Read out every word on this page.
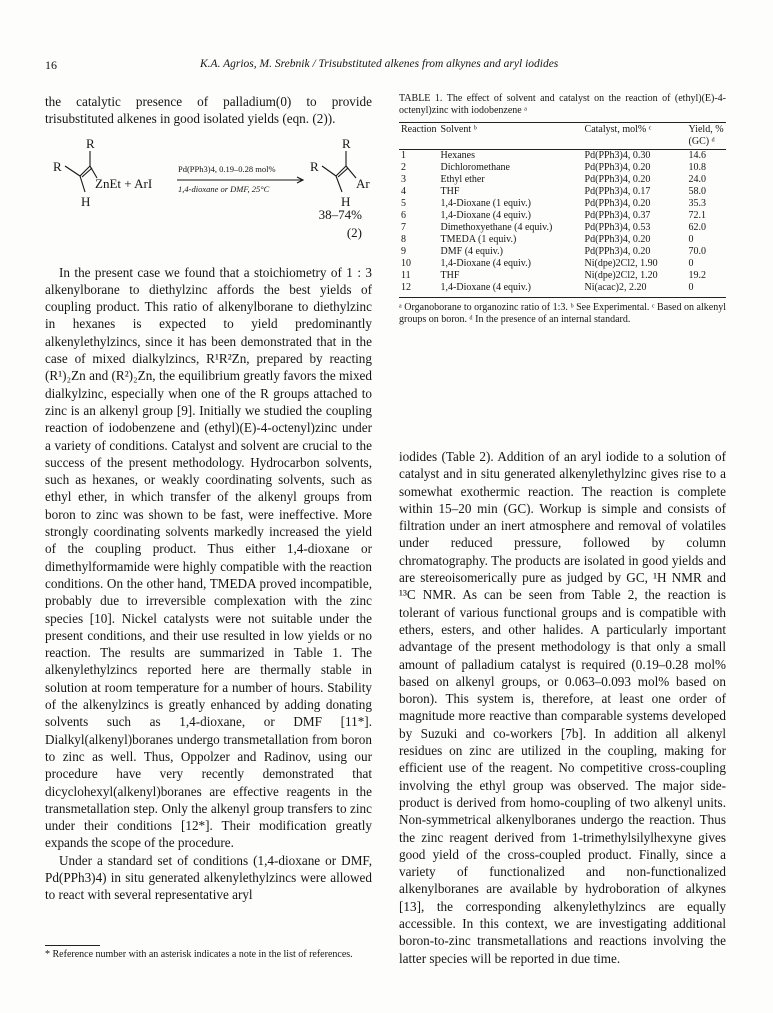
16	K.A. Agrios, M. Srebnik / Trisubstituted alkenes from alkynes and aryl iodides

the catalytic presence of palladium(0) to provide trisubstituted alkenes in good isolated yields (eqn. (2)).

R
R
ZnEt + ArI
H
Pd(PPh3)4, 0.19–0.28 mol%
1,4-dioxane or DMF, 25°C
R
R
Ar
H
38–74%
(2)

In the present case we found that a stoichiometry of 1 : 3 alkenylborane to diethylzinc affords the best yields of coupling product. This ratio of alkenylborane to diethylzinc in hexanes is expected to yield predominantly alkenylethylzincs, since it has been demonstrated that in the case of mixed dialkylzincs, R¹R²Zn, prepared by reacting (R¹)₂Zn and (R²)₂Zn, the equilibrium greatly favors the mixed dialkylzinc, especially when one of the R groups attached to zinc is an alkenyl group [9]. Initially we studied the coupling reaction of iodobenzene and (ethyl)(E)-4-octenyl)zinc under a variety of conditions. Catalyst and solvent are crucial to the success of the present methodology. Hydrocarbon solvents, such as hexanes, or weakly coordinating solvents, such as ethyl ether, in which transfer of the alkenyl groups from boron to zinc was shown to be fast, were ineffective. More strongly coordinating solvents markedly increased the yield of the coupling product. Thus either 1,4-dioxane or dimethylformamide were highly compatible with the reaction conditions. On the other hand, TMEDA proved incompatible, probably due to irreversible complexation with the zinc species [10]. Nickel catalysts were not suitable under the present conditions, and their use resulted in low yields or no reaction. The results are summarized in Table 1. The alkenylethylzincs reported here are thermally stable in solution at room temperature for a number of hours. Stability of the alkenylzincs is greatly enhanced by adding donating solvents such as 1,4-dioxane, or DMF [11*]. Dialkyl(alkenyl)boranes undergo transmetallation from boron to zinc as well. Thus, Oppolzer and Radinov, using our procedure have very recently demonstrated that dicyclohexyl(alkenyl)boranes are effective reagents in the transmetallation step. Only the alkenyl group transfers to zinc under their conditions [12*]. Their modification greatly expands the scope of the procedure.

Under a standard set of conditions (1,4-dioxane or DMF, Pd(PPh3)4) in situ generated alkenylethylzincs were allowed to react with several representative aryl

TABLE 1. The effect of solvent and catalyst on the reaction of (ethyl)(E)-4-octenyl)zinc with iodobenzene ᵃ

Reaction	Solvent ᵇ	Catalyst, mol% ᶜ	Yield, % (GC) ᵈ
1	Hexanes	Pd(PPh3)4, 0.30	14.6
2	Dichloromethane	Pd(PPh3)4, 0.20	10.8
3	Ethyl ether	Pd(PPh3)4, 0.20	24.0
4	THF	Pd(PPh3)4, 0.17	58.0
5	1,4-Dioxane (1 equiv.)	Pd(PPh3)4, 0.20	35.3
6	1,4-Dioxane (4 equiv.)	Pd(PPh3)4, 0.37	72.1
7	Dimethoxyethane (4 equiv.)	Pd(PPh3)4, 0.53	62.0
8	TMEDA (1 equiv.)	Pd(PPh3)4, 0.20	0
9	DMF (4 equiv.)	Pd(PPh3)4, 0.20	70.0
10	1,4-Dioxane (4 equiv.)	Ni(dpe)2Cl2, 1.90	0
11	THF	Ni(dpe)2Cl2, 1.20	19.2
12	1,4-Dioxane (4 equiv.)	Ni(acac)2, 2.20	0

ᵃ Organoborane to organozinc ratio of 1:3. ᵇ See Experimental. ᶜ Based on alkenyl groups on boron. ᵈ In the presence of an internal standard.

iodides (Table 2). Addition of an aryl iodide to a solution of catalyst and in situ generated alkenylethylzinc gives rise to a somewhat exothermic reaction. The reaction is complete within 15–20 min (GC). Workup is simple and consists of filtration under an inert atmosphere and removal of volatiles under reduced pressure, followed by column chromatography. The products are isolated in good yields and are stereoisomerically pure as judged by GC, ¹H NMR and ¹³C NMR. As can be seen from Table 2, the reaction is tolerant of various functional groups and is compatible with ethers, esters, and other halides. A particularly important advantage of the present methodology is that only a small amount of palladium catalyst is required (0.19–0.28 mol% based on alkenyl groups, or 0.063–0.093 mol% based on boron). This system is, therefore, at least one order of magnitude more reactive than comparable systems developed by Suzuki and co-workers [7b]. In addition all alkenyl residues on zinc are utilized in the coupling, making for efficient use of the reagent. No competitive cross-coupling involving the ethyl group was observed. The major side-product is derived from homo-coupling of two alkenyl units. Non-symmetrical alkenylboranes undergo the reaction. Thus the zinc reagent derived from 1-trimethylsilylhexyne gives good yield of the cross-coupled product. Finally, since a variety of functionalized and non-functionalized alkenylboranes are available by hydroboration of alkynes [13], the corresponding alkenylethylzincs are equally accessible. In this context, we are investigating additional boron-to-zinc transmetallations and reactions involving the latter species will be reported in due time.

* Reference number with an asterisk indicates a note in the list of references.
